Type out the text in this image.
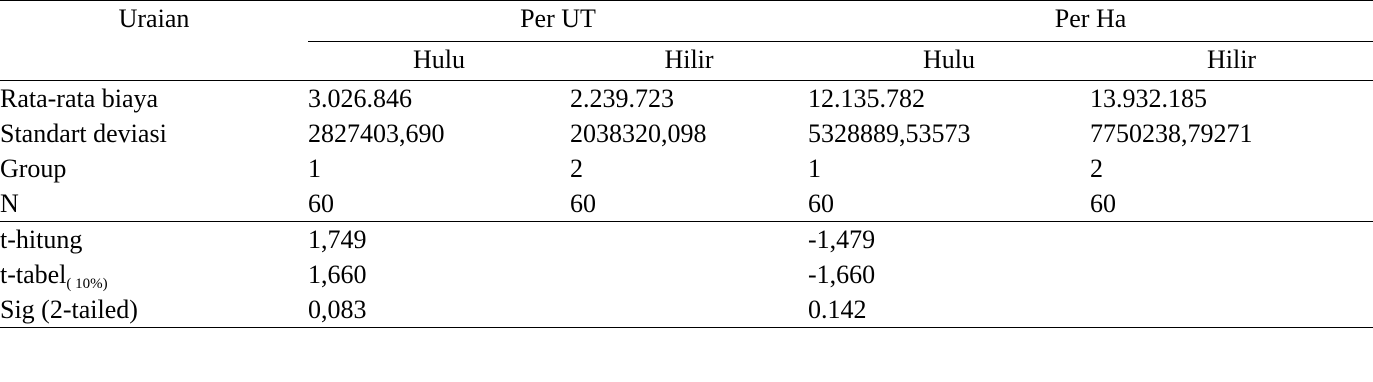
Uraian	Per UT		Per Ha	
	Hulu	Hilir	Hulu	Hilir
Rata-rata biaya	3.026.846	2.239.723	12.135.782	13.932.185
Standart deviasi	2827403,690	2038320,098	5328889,53573	7750238,79271
Group	1	2	1	2
N	60	60	60	60
t-hitung	1,749		-1,479	
t-tabel$_{( 10\%)}$	1,660		-1,660	
Sig (2-tailed)	0,083		0.142	
